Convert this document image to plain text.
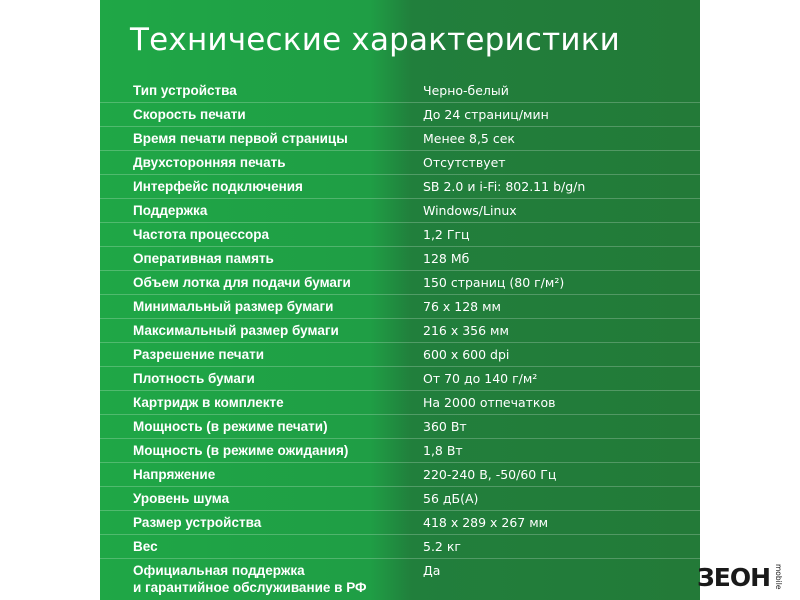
Технические характеристики
Тип устройства	Черно-белый
Скорость печати	До 24 страниц/мин
Время печати первой страницы	Менее 8,5 сек
Двухсторонняя печать	Отсутствует
Интерфейс подключения	SB 2.0 и i-Fi: 802.11 b/g/n
Поддержка	Windows/Linux
Частота процессора	1,2 Ггц
Оперативная память	128 Мб
Объем лотка для подачи бумаги	150 страниц (80 г/м²)
Минимальный размер бумаги	76 х 128 мм
Максимальный размер бумаги	216 х 356 мм
Разрешение печати	600 х 600 dpi
Плотность бумаги	От 70 до 140 г/м²
Картридж в комплекте	На 2000 отпечатков
Мощность (в режиме печати)	360 Вт
Мощность (в режиме ожидания)	1,8 Вт
Напряжение	220-240 В, -50/60 Гц
Уровень шума	56 дБ(А)
Размер устройства	418 х 289 х 267 мм
Вес	5.2 кг
Официальная поддержка
и гарантийное обслуживание в РФ
Да	ЗЕОН mobile
